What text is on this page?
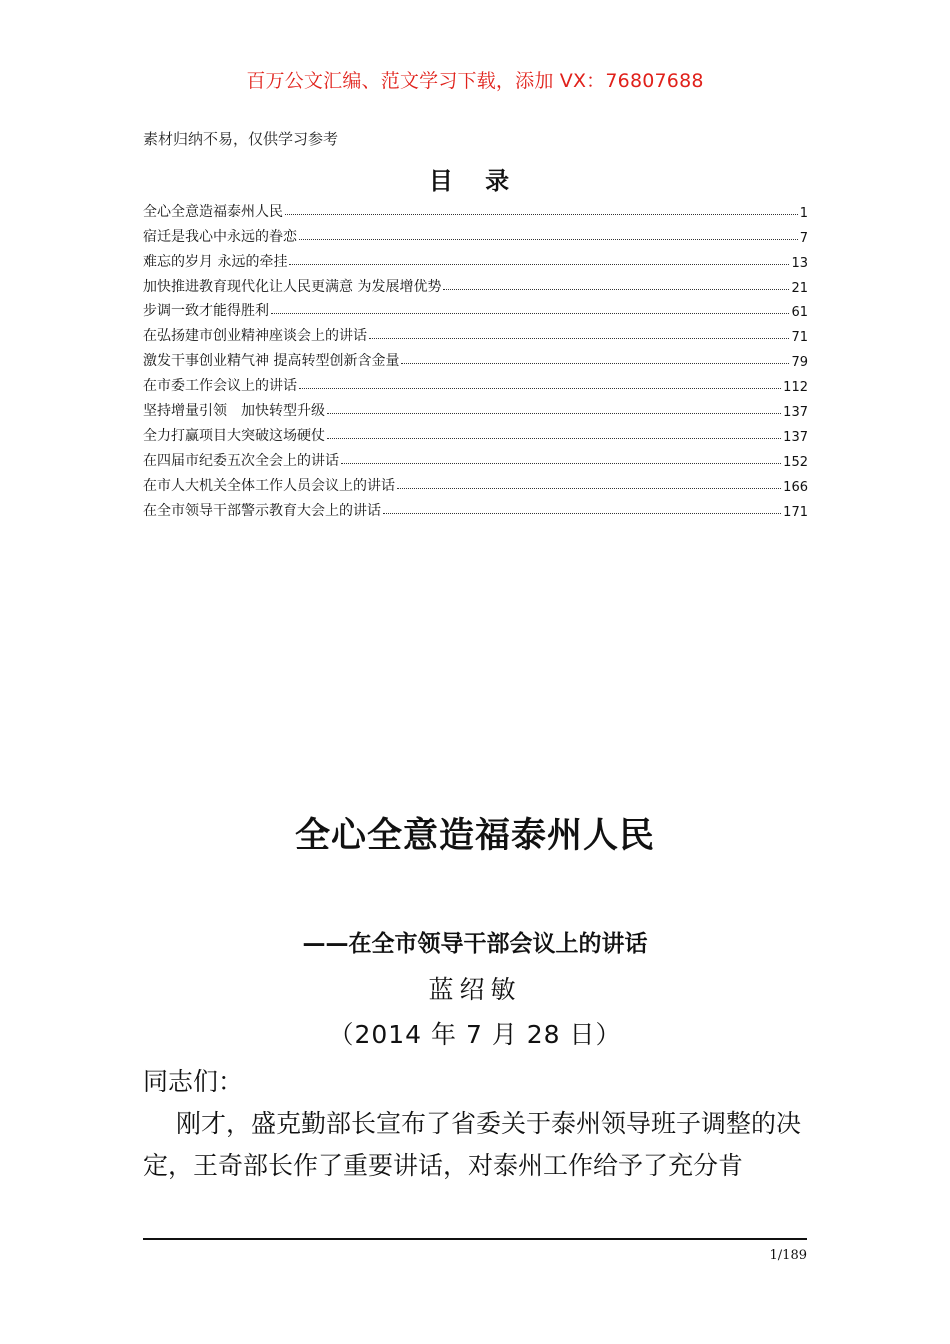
百万公文汇编、范文学习下载，添加 VX：76807688
素材归纳不易，仅供学习参考
目 录
全心全意造福泰州人民	1
宿迁是我心中永远的眷恋	7
难忘的岁月 永远的牵挂	13
加快推进教育现代化让人民更满意 为发展增优势	21
步调一致才能得胜利	61
在弘扬建市创业精神座谈会上的讲话	71
激发干事创业精气神 提高转型创新含金量	79
在市委工作会议上的讲话	112
坚持增量引领　加快转型升级	137
全力打赢项目大突破这场硬仗	137
在四届市纪委五次全会上的讲话	152
在市人大机关全体工作人员会议上的讲话	166
在全市领导干部警示教育大会上的讲话	171
全心全意造福泰州人民
——在全市领导干部会议上的讲话
蓝绍敏
（2014 年 7 月 28 日）
同志们：

刚才，盛克勤部长宣布了省委关于泰州领导班子调整的决定，王奇部长作了重要讲话，对泰州工作给予了充分肯

1/189
